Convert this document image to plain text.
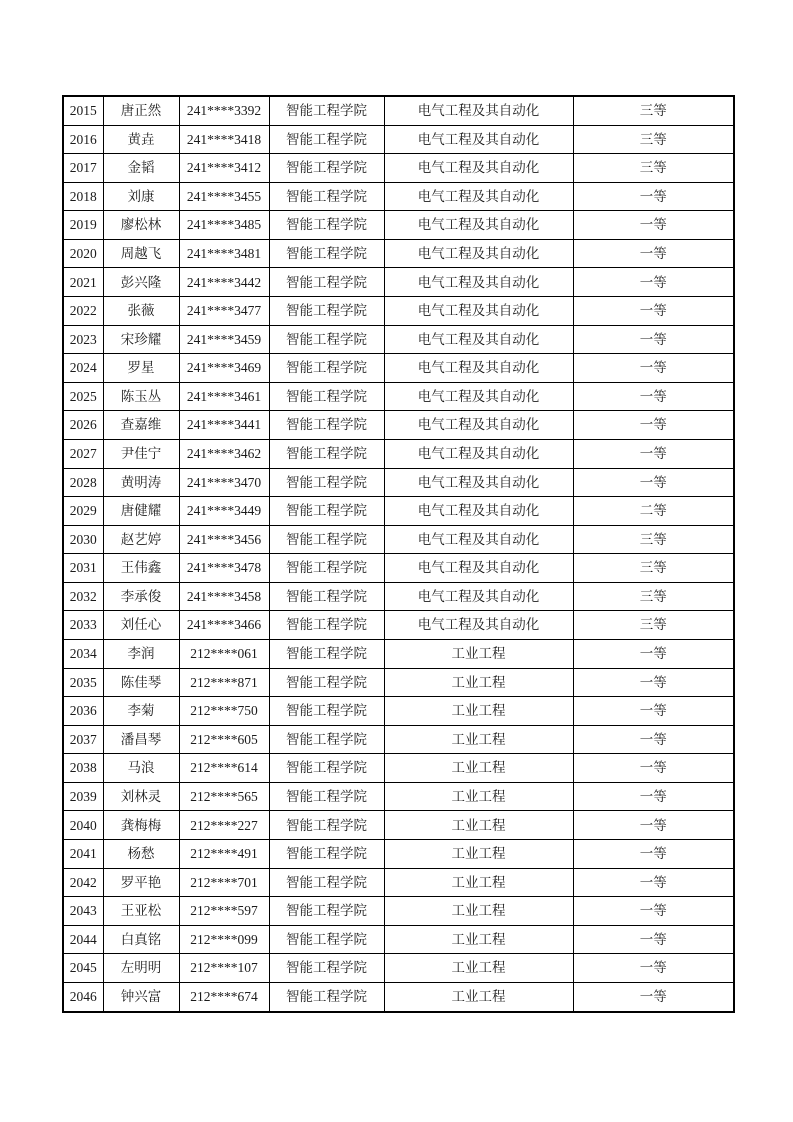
2015	唐正然	241****3392	智能工程学院	电气工程及其自动化	三等
2016	黄垚	241****3418	智能工程学院	电气工程及其自动化	三等
2017	金韬	241****3412	智能工程学院	电气工程及其自动化	三等
2018	刘康	241****3455	智能工程学院	电气工程及其自动化	一等
2019	廖松林	241****3485	智能工程学院	电气工程及其自动化	一等
2020	周越飞	241****3481	智能工程学院	电气工程及其自动化	一等
2021	彭兴隆	241****3442	智能工程学院	电气工程及其自动化	一等
2022	张薇	241****3477	智能工程学院	电气工程及其自动化	一等
2023	宋珍耀	241****3459	智能工程学院	电气工程及其自动化	一等
2024	罗星	241****3469	智能工程学院	电气工程及其自动化	一等
2025	陈玉丛	241****3461	智能工程学院	电气工程及其自动化	一等
2026	查嘉维	241****3441	智能工程学院	电气工程及其自动化	一等
2027	尹佳宁	241****3462	智能工程学院	电气工程及其自动化	一等
2028	黄明涛	241****3470	智能工程学院	电气工程及其自动化	一等
2029	唐健耀	241****3449	智能工程学院	电气工程及其自动化	二等
2030	赵艺婷	241****3456	智能工程学院	电气工程及其自动化	三等
2031	王伟鑫	241****3478	智能工程学院	电气工程及其自动化	三等
2032	李承俊	241****3458	智能工程学院	电气工程及其自动化	三等
2033	刘任心	241****3466	智能工程学院	电气工程及其自动化	三等
2034	李润	212****061	智能工程学院	工业工程	一等
2035	陈佳琴	212****871	智能工程学院	工业工程	一等
2036	李菊	212****750	智能工程学院	工业工程	一等
2037	潘昌琴	212****605	智能工程学院	工业工程	一等
2038	马浪	212****614	智能工程学院	工业工程	一等
2039	刘林灵	212****565	智能工程学院	工业工程	一等
2040	龚梅梅	212****227	智能工程学院	工业工程	一等
2041	杨愁	212****491	智能工程学院	工业工程	一等
2042	罗平艳	212****701	智能工程学院	工业工程	一等
2043	王亚松	212****597	智能工程学院	工业工程	一等
2044	白真铭	212****099	智能工程学院	工业工程	一等
2045	左明明	212****107	智能工程学院	工业工程	一等
2046	钟兴富	212****674	智能工程学院	工业工程	一等
